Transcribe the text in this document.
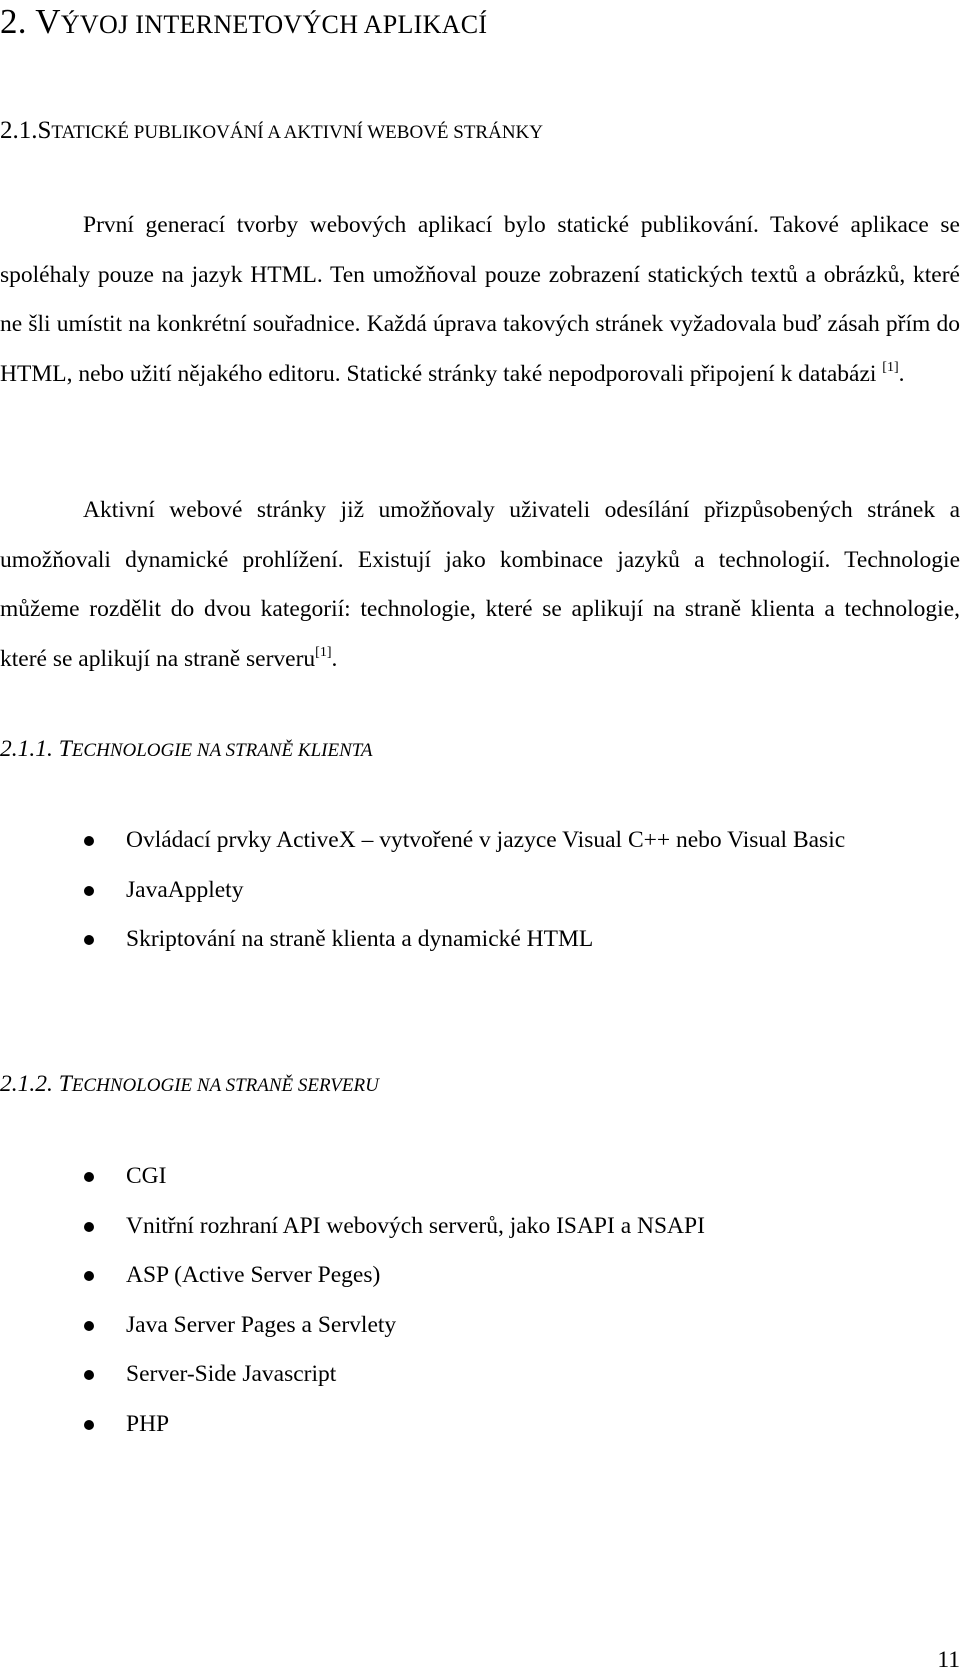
2. VÝVOJ INTERNETOVÝCH APLIKACÍ
2.1.STATICKÉ PUBLIKOVÁNÍ A AKTIVNÍ WEBOVÉ STRÁNKY

První generací tvorby webových aplikací bylo statické publikování. Takové aplikace se spoléhaly pouze na jazyk HTML. Ten umožňoval pouze zobrazení statických textů a obrázků, které ne šli umístit na konkrétní souřadnice. Každá úprava takových stránek vyžadovala buď zásah přím do HTML, nebo užití nějakého editoru. Statické stránky také nepodporovali připojení k databázi [1].

Aktivní webové stránky již umožňovaly uživateli odesílání přizpůsobených stránek a umožňovali dynamické prohlížení. Existují jako kombinace jazyků a technologií. Technologie můžeme rozdělit do dvou kategorií: technologie, které se aplikují na straně klienta a technologie, které se aplikují na straně serveru[1].

2.1.1. TECHNOLOGIE NA STRANĚ KLIENTA
Ovládací prvky ActiveX – vytvořené v jazyce Visual C++ nebo Visual Basic
JavaApplety
Skriptování na straně klienta a dynamické HTML
2.1.2. TECHNOLOGIE NA STRANĚ SERVERU
CGI
Vnitřní rozhraní API webových serverů, jako ISAPI a NSAPI
ASP (Active Server Peges)
Java Server Pages a Servlety
Server-Side Javascript
PHP
11
